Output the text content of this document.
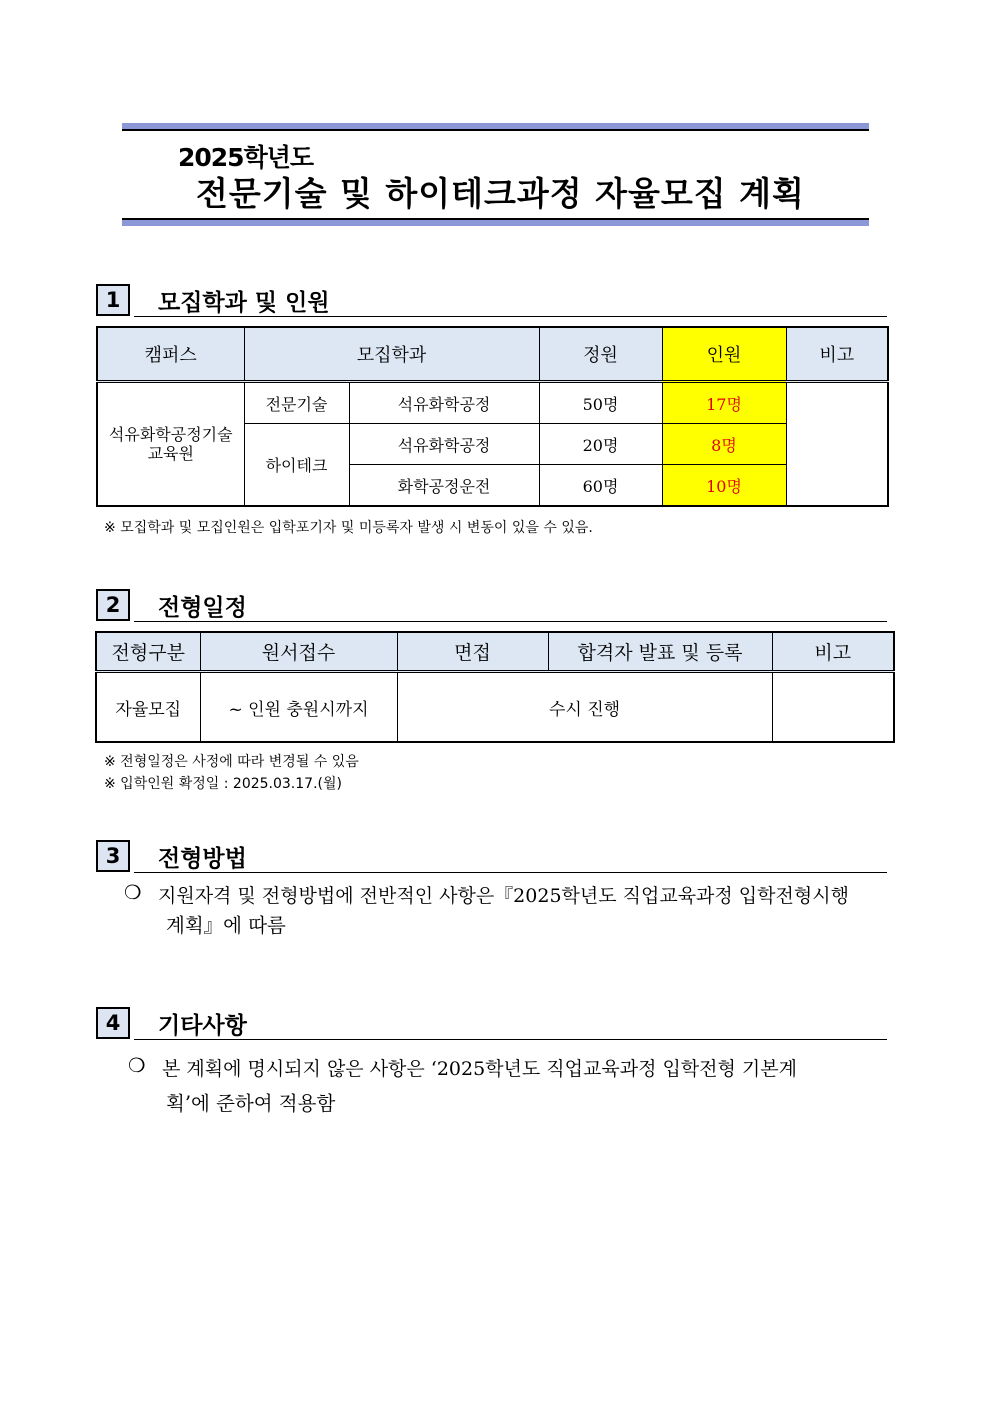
2025학년도
전문기술 및 하이테크과정 자율모집 계획
1	모집학과 및 인원
캠퍼스	모집학과		정원	인원	비고
석유화학공정기술교육원	전문기술	석유화학공정	50명	17명	
	하이테크	석유화학공정	20명	8명	
		화학공정운전	60명	10명	
※ 모집학과 및 모집인원은 입학포기자 및 미등록자 발생 시 변동이 있을 수 있음.
2	전형일정
전형구분	원서접수	면접	합격자 발표 및 등록	비고
자율모집	~ 인원 충원시까지	수시 진행		
※ 전형일정은 사정에 따라 변경될 수 있음
※ 입학인원 확정일 : 2025.03.17.(월)
3	전형방법
❍ 지원자격 및 전형방법에 전반적인 사항은『2025학년도 직업교육과정 입학전형시행
계획』에 따름
4	기타사항
❍ 본 계획에 명시되지 않은 사항은 ‘2025학년도 직업교육과정 입학전형 기본계
획’에 준하여 적용함
